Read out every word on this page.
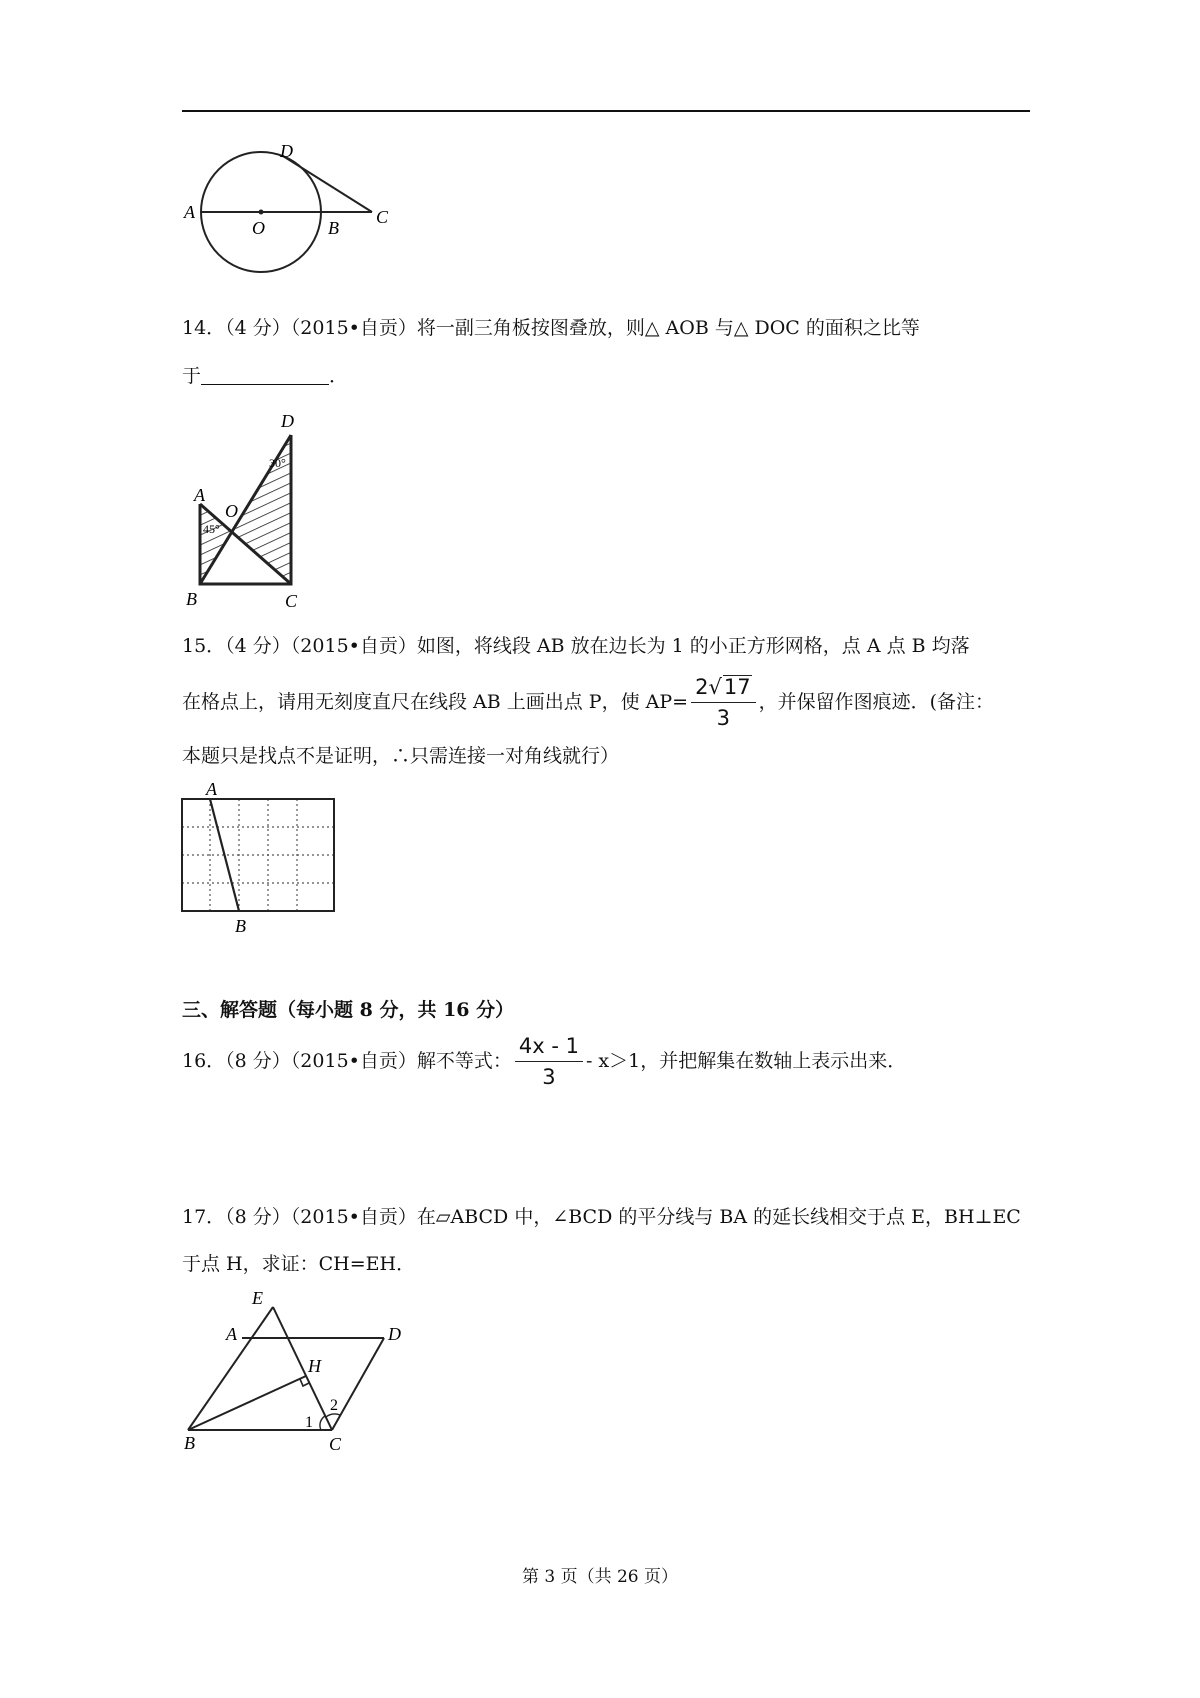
A
O	B
C
D
14．（4 分）（2015•自贡）将一副三角板按图叠放，则△ AOB 与△ DOC 的面积之比等
于	．
A
B	C
D
O
45°
30°
15．（4 分）（2015•自贡）如图，将线段 AB 放在边长为 1 的小正方形网格，点 A 点 B 均落
在格点上，请用无刻度直尺在线段 AB 上画出点 P，使 $AP= \frac{2√17}{3}$ ，并保留作图痕迹．(备注：
本题只是找点不是证明，∴只需连接一对角线就行）
A
B
三、解答题（每小题 8 分，共 16 分）
16．（8 分）（2015•自贡）解不等式： $\frac{4x - 1}{3} - x>1$，并把解集在数轴上表示出来．
17．（8 分）（2015•自贡）在▱ABCD 中，∠BCD 的平分线与 BA 的延长线相交于点 E，BH⊥EC
于点 H，求证：CH=EH．
E
A	D
H
B	C
1
2
第 3 页（共 26 页）
